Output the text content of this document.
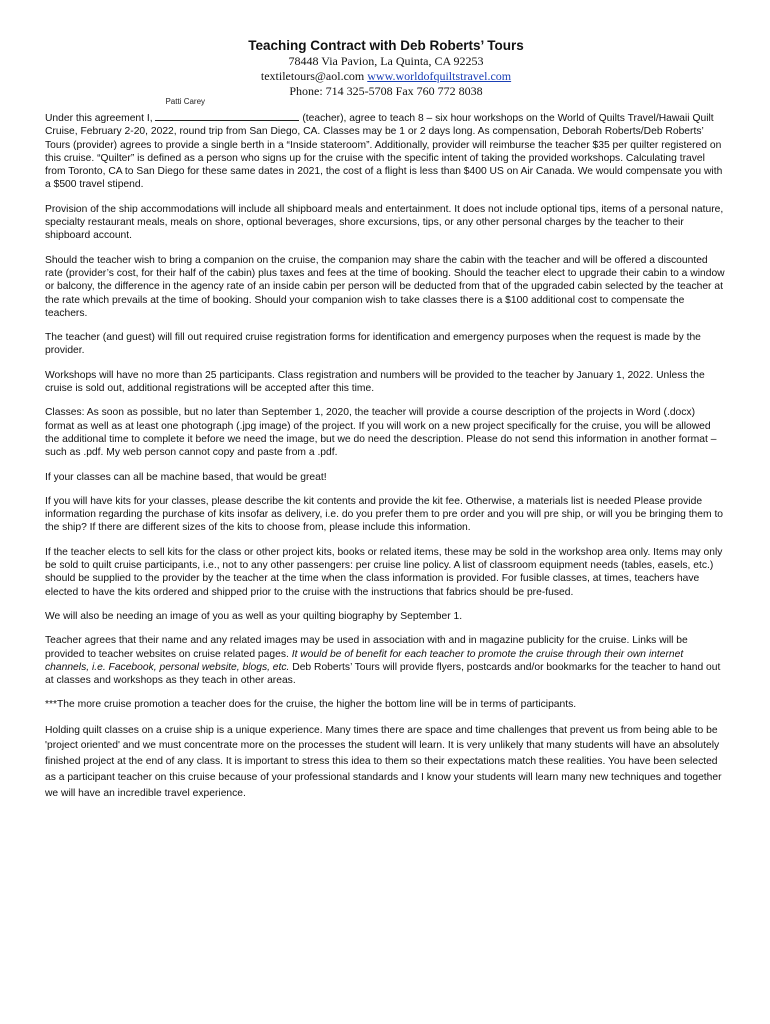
Teaching Contract with Deb Roberts’ Tours
78448 Via Pavion, La Quinta, CA 92253
textiletours@aol.com www.worldofquiltstravel.com
Phone: 714 325-5708 Fax 760 772 8038

Under this agreement I,
Patti Carey
(teacher), agree to teach 8 – six hour workshops on the World of Quilts Travel/Hawaii Quilt Cruise, February 2-20, 2022, round trip from San Diego, CA. Classes may be 1 or 2 days long. As compensation, Deborah Roberts/Deb Roberts’ Tours (provider) agrees to provide a single berth in a “Inside stateroom”. Additionally, provider will reimburse the teacher $35 per quilter registered on this cruise. “Quilter” is defined as a person who signs up for the cruise with the specific intent of taking the provided workshops. Calculating travel from Toronto, CA to San Diego for these same dates in 2021, the cost of a flight is less than $400 US on Air Canada. We would compensate you with a $500 travel stipend.

Provision of the ship accommodations will include all shipboard meals and entertainment. It does not include optional tips, items of a personal nature, specialty restaurant meals, meals on shore, optional beverages, shore excursions, tips, or any other personal charges by the teacher to their shipboard account.

Should the teacher wish to bring a companion on the cruise, the companion may share the cabin with the teacher and will be offered a discounted rate (provider’s cost, for their half of the cabin) plus taxes and fees at the time of booking. Should the teacher elect to upgrade their cabin to a window or balcony, the difference in the agency rate of an inside cabin per person will be deducted from that of the upgraded cabin selected by the teacher at the rate which prevails at the time of booking. Should your companion wish to take classes there is a $100 additional cost to compensate the teachers.

The teacher (and guest) will fill out required cruise registration forms for identification and emergency purposes when the request is made by the provider.

Workshops will have no more than 25 participants. Class registration and numbers will be provided to the teacher by January 1, 2022. Unless the cruise is sold out, additional registrations will be accepted after this time.

Classes: As soon as possible, but no later than September 1, 2020, the teacher will provide a course description of the projects in Word (.docx) format as well as at least one photograph (.jpg image) of the project. If you will work on a new project specifically for the cruise, you will be allowed the additional time to complete it before we need the image, but we do need the description. Please do not send this information in another format – such as .pdf. My web person cannot copy and paste from a .pdf.

If your classes can all be machine based, that would be great!

If you will have kits for your classes, please describe the kit contents and provide the kit fee. Otherwise, a materials list is needed Please provide information regarding the purchase of kits insofar as delivery, i.e. do you prefer them to pre order and you will pre ship, or will you be bringing them to the ship? If there are different sizes of the kits to choose from, please include this information.

If the teacher elects to sell kits for the class or other project kits, books or related items, these may be sold in the workshop area only. Items may only be sold to quilt cruise participants, i.e., not to any other passengers: per cruise line policy. A list of classroom equipment needs (tables, easels, etc.) should be supplied to the provider by the teacher at the time when the class information is provided. For fusible classes, at times, teachers have elected to have the kits ordered and shipped prior to the cruise with the instructions that fabrics should be pre-fused.

We will also be needing an image of you as well as your quilting biography by September 1.

Teacher agrees that their name and any related images may be used in association with and in magazine publicity for the cruise. Links will be provided to teacher websites on cruise related pages. It would be of benefit for each teacher to promote the cruise through their own internet channels, i.e. Facebook, personal website, blogs, etc. Deb Roberts’ Tours will provide flyers, postcards and/or bookmarks for the teacher to hand out at classes and workshops as they teach in other areas.

***The more cruise promotion a teacher does for the cruise, the higher the bottom line will be in terms of participants.

Holding quilt classes on a cruise ship is a unique experience. Many times there are space and time challenges that prevent us from being able to be 'project oriented' and we must concentrate more on the processes the student will learn. It is very unlikely that many students will have an absolutely finished project at the end of any class. It is important to stress this idea to them so their expectations match these realities. You have been selected as a participant teacher on this cruise because of your professional standards and I know your students will learn many new techniques and together we will have an incredible travel experience.
